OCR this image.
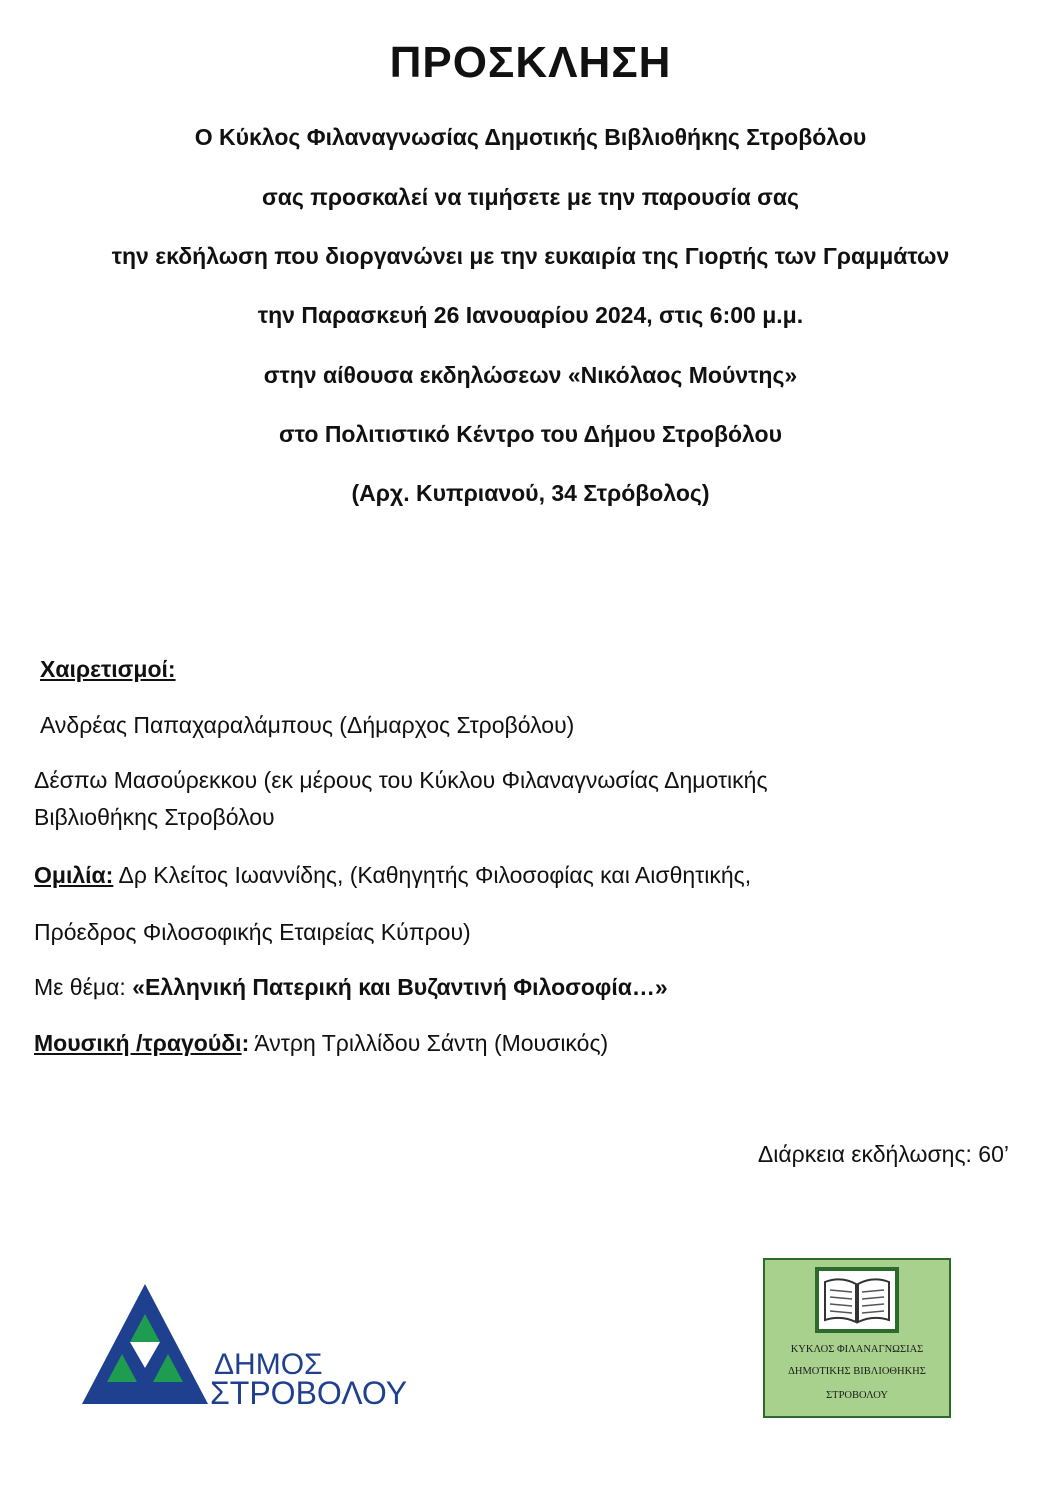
ΠΡΟΣΚΛΗΣΗ
Ο Κύκλος Φιλαναγνωσίας Δημοτικής Βιβλιοθήκης Στροβόλου
σας προσκαλεί να τιμήσετε με την παρουσία σας
την εκδήλωση που διοργανώνει με την ευκαιρία της Γιορτής των Γραμμάτων
την Παρασκευή 26 Ιανουαρίου 2024, στις 6:00 μ.μ.
στην αίθουσα εκδηλώσεων «Νικόλαος Μούντης»
στο Πολιτιστικό Κέντρο του Δήμου Στροβόλου
(Αρχ. Κυπριανού, 34 Στρόβολος)
Χαιρετισμοί:
Ανδρέας Παπαχαραλάμπους (Δήμαρχος Στροβόλου)
Δέσπω Μασούρεκκου (εκ μέρους του Κύκλου Φιλαναγνωσίας Δημοτικής
Βιβλιοθήκης Στροβόλου
Ομιλία: Δρ Κλείτος Ιωαννίδης, (Καθηγητής Φιλοσοφίας και Αισθητικής,
Πρόεδρος Φιλοσοφικής Εταιρείας Κύπρου)
Με θέμα: «Ελληνική Πατερική και Βυζαντινή Φιλοσοφία…»
Μουσική /τραγούδι: Άντρη Τριλλίδου Σάντη (Μουσικός)
Διάρκεια εκδήλωσης: 60’
ΔΗΜΟΣ
ΣΤΡΟΒΟΛΟΥ
ΚΥΚΛΟΣ ΦΙΛΑΝΑΓΝΩΣΙΑΣ
ΔΗΜΟΤΙΚΗΣ ΒΙΒΛΙΟΘΗΚΗΣ
ΣΤΡΟΒΟΛΟΥ
